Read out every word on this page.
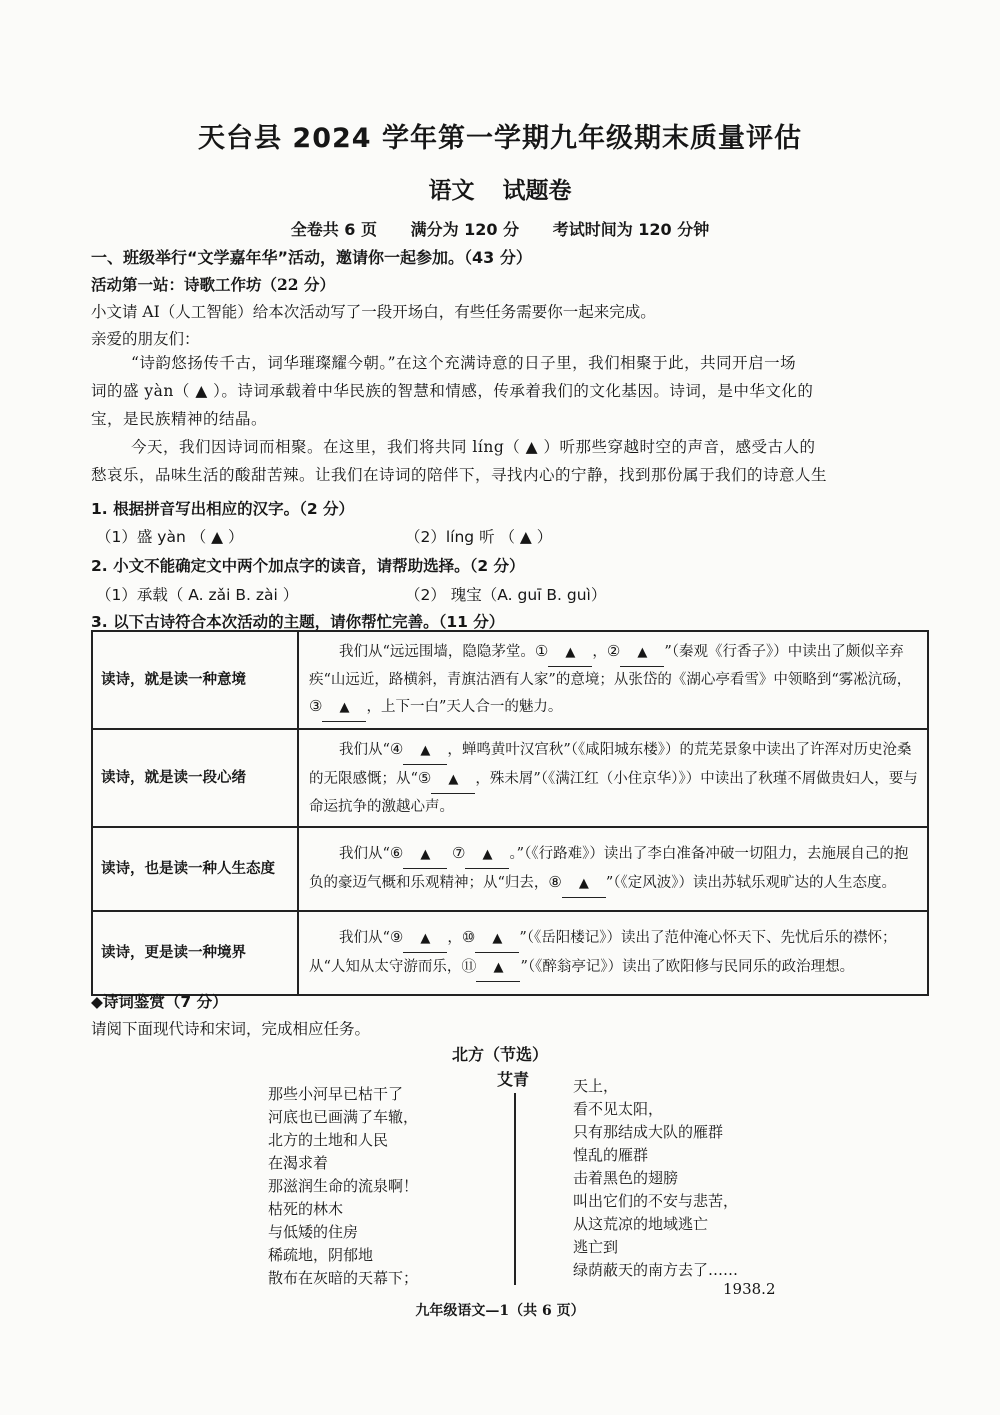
天台县 2024 学年第一学期九年级期末质量评估
语文 试题卷
全卷共 6 页 满分为 120 分 考试时间为 120 分钟
一、班级举行“文学嘉年华”活动，邀请你一起参加。（43 分）
活动第一站：诗歌工作坊（22 分）
小文请 AI（人工智能）给本次活动写了一段开场白，有些任务需要你一起来完成。
亲爱的朋友们：

“诗韵悠扬传千古，词华璀璨耀今朝。”在这个充满诗意的日子里，我们相聚于此，共同开启一场

词的盛 yàn（ ▲ ）。诗词承载着中华民族的智慧和情感，传承着我们的文化基因。诗词，是中华文化的

宝，是民族精神的结晶。

今天，我们因诗词而相聚。在这里，我们将共同 líng（ ▲ ）听那些穿越时空的声音，感受古人的

愁哀乐，品味生活的酸甜苦辣。让我们在诗词的陪伴下，寻找内心的宁静，找到那份属于我们的诗意人生

1. 根据拼音写出相应的汉字。（2 分）
（1）盛 yàn （ ▲ ）	（2）líng 听 （ ▲ ）
2. 小文不能确定文中两个加点字的读音，请帮助选择。（2 分）
（1）承载（ A. zǎi B. zài ）	（2） 瑰宝（A. guī B. guì）
3. 以下古诗符合本次活动的主题，请你帮忙完善。（11 分）
读诗，就是读一种意境	我们从“远远围墙，隐隐茅堂。① ▲ ，② ▲ ”（秦观《行香子》）中读出了颇似辛弃疾“山远近，路横斜，青旗沽酒有人家”的意境；从张岱的《湖心亭看雪》中领略到“雾凇沆砀，③ ▲ ，上下一白”天人合一的魅力。
读诗，就是读一段心绪	我们从“④ ▲ ，蝉鸣黄叶汉宫秋”（《咸阳城东楼》）的荒芜景象中读出了许浑对历史沧桑的无限感慨；从“⑤ ▲ ，殊未屑”（《满江红（小住京华）》）中读出了秋瑾不屑做贵妇人，要与命运抗争的激越心声。
读诗，也是读一种人生态度	我们从“⑥ ▲ ⑦ ▲ 。”（《行路难》）读出了李白准备冲破一切阻力，去施展自己的抱负的豪迈气概和乐观精神；从“归去，⑧ ▲ ”（《定风波》）读出苏轼乐观旷达的人生态度。
读诗，更是读一种境界	我们从“⑨ ▲ ，⑩ ▲ ”（《岳阳楼记》）读出了范仲淹心怀天下、先忧后乐的襟怀；从“人知从太守游而乐，⑪ ▲ ”（《醉翁亭记》）读出了欧阳修与民同乐的政治理想。
◆诗词鉴赏（7 分）
请阅下面现代诗和宋词，完成相应任务。
北方（节选）
艾青
那些小河早已枯干了
河底也已画满了车辙，
北方的土地和人民
在渴求着
那滋润生命的流泉啊！
枯死的林木
与低矮的住房
稀疏地，阴郁地
散布在灰暗的天幕下；
天上，
看不见太阳，
只有那结成大队的雁群
惶乱的雁群
击着黑色的翅膀
叫出它们的不安与悲苦，
从这荒凉的地域逃亡
逃亡到
绿荫蔽天的南方去了……
1938.2
九年级语文—1（共 6 页）
